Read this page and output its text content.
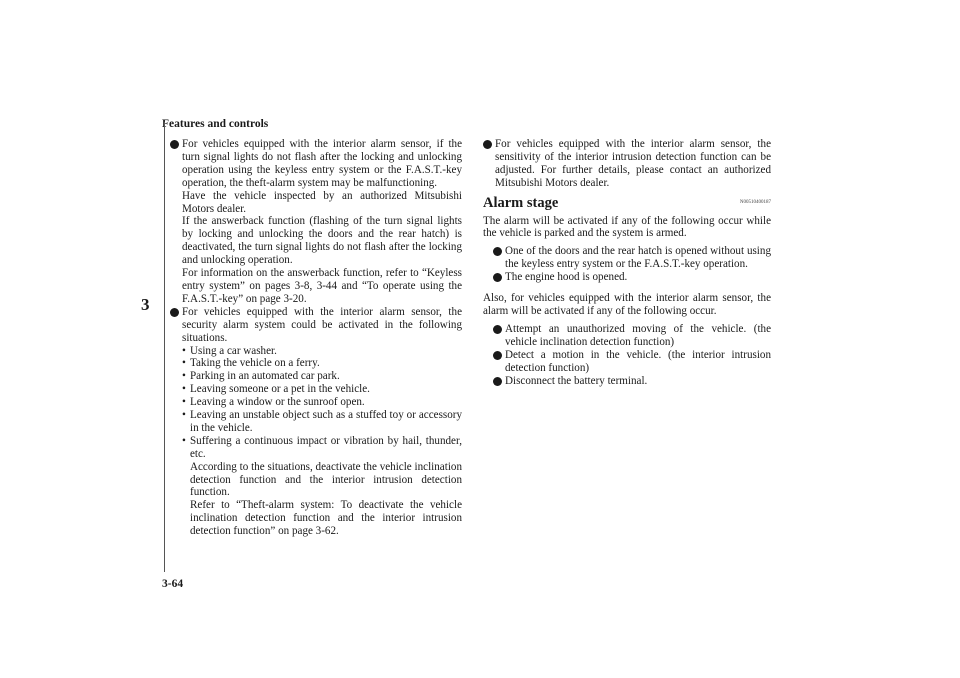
Features and controls
3
3-64

For vehicles equipped with the interior alarm sensor, if the turn signal lights do not flash after the locking and unlocking operation using the keyless entry system or the F.A.S.T.-key operation, the theft-alarm system may be malfunctioning.

Have the vehicle inspected by an authorized Mitsubishi Motors dealer.

If the answerback function (flashing of the turn signal lights by locking and unlocking the doors and the rear hatch) is deactivated, the turn signal lights do not flash after the locking and unlocking operation.

For information on the answerback function, refer to “Keyless entry system” on pages 3-8, 3-44 and “To operate using the F.A.S.T.-key” on page 3-20.

For vehicles equipped with the interior alarm sensor, the security alarm system could be activated in the following situations.

• Using a car washer.

• Taking the vehicle on a ferry.

• Parking in an automated car park.

• Leaving someone or a pet in the vehicle.

• Leaving a window or the sunroof open.

• Leaving an unstable object such as a stuffed toy or accessory in the vehicle.

• Suffering a continuous impact or vibration by hail, thunder, etc.

According to the situations, deactivate the vehicle inclination detection function and the interior intrusion detection function.

Refer to “Theft-alarm system: To deactivate the vehicle inclination detection function and the interior intrusion detection function” on page 3-62.

For vehicles equipped with the interior alarm sensor, the sensitivity of the interior intrusion detection function can be adjusted. For further details, please contact an authorized Mitsubishi Motors dealer.

Alarm stage	N00510400187

The alarm will be activated if any of the following occur while the vehicle is parked and the system is armed.

One of the doors and the rear hatch is opened without using the keyless entry system or the F.A.S.T.-key operation.

The engine hood is opened.

Also, for vehicles equipped with the interior alarm sensor, the alarm will be activated if any of the following occur.

Attempt an unauthorized moving of the vehicle. (the vehicle inclination detection function)

Detect a motion in the vehicle. (the interior intrusion detection function)

Disconnect the battery terminal.
